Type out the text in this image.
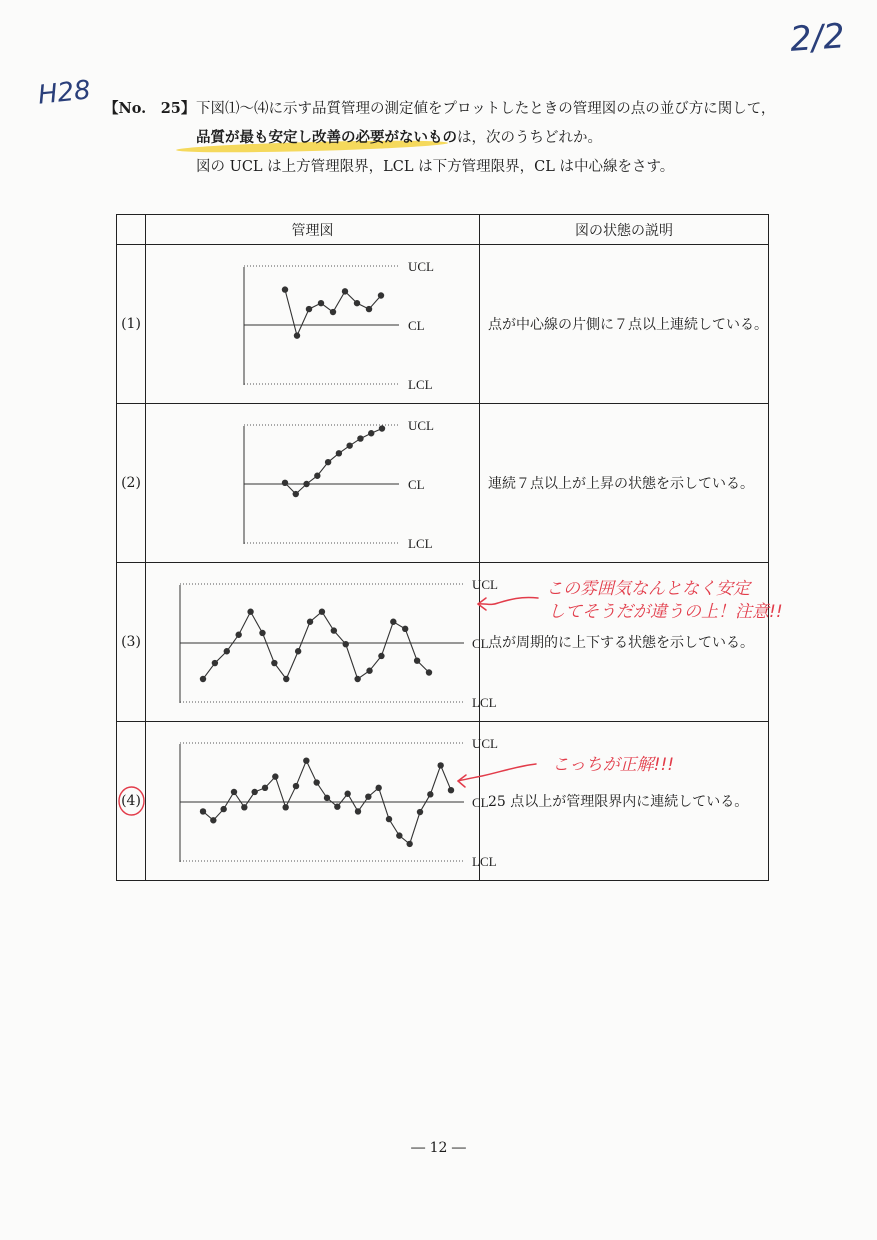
H28
2/2
【No.　25】 下図⑴〜⑷に示す品質管理の測定値をプロットしたときの管理図の点の並び方に関して，
品質が最も安定し改善の必要がないものは，次のうちどれか。
図の UCL は上方管理限界，LCL は下方管理限界，CL は中心線をさす。
	管理図	図の状態の説明
(1)	UCL
CL
LCL	点が中心線の片側に７点以上連続している。
(2)	UCL
CL
LCL	連続７点以上が上昇の状態を示している。
(3)	UCL
CL
LCL	点が周期的に上下する状態を示している。
(4)	UCL
CL
LCL	25 点以上が管理限界内に連続している。
この雰囲気なんとなく安定
してそうだが違うの上！注意!!
こっちが正解!!!
― 12 ―
